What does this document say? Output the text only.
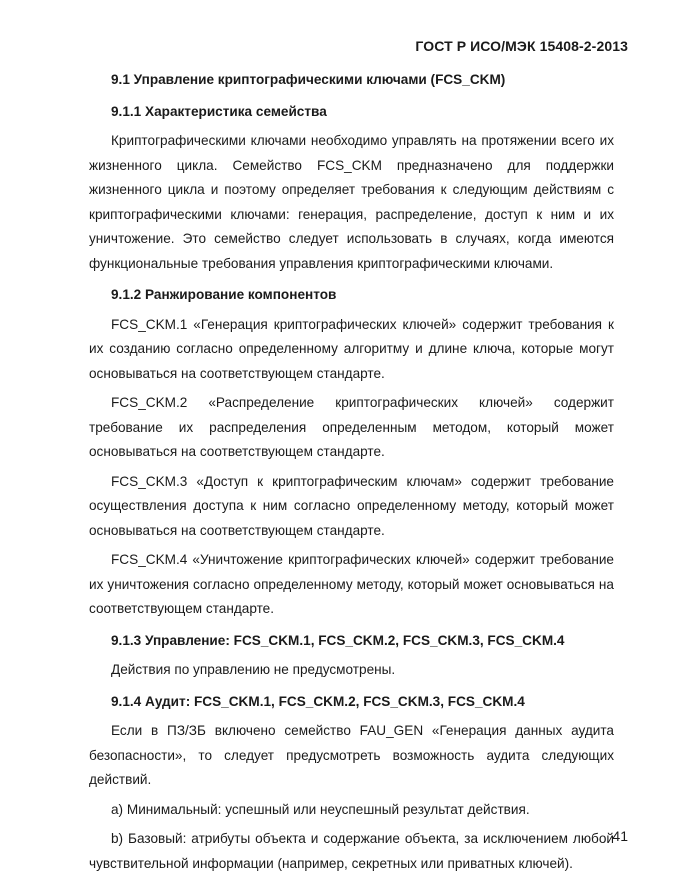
ГОСТ Р ИСО/МЭК 15408-2-2013

9.1 Управление криптографическими ключами (FCS_CKM)

9.1.1 Характеристика семейства

Криптографическими ключами необходимо управлять на протяжении всего их жизненного цикла. Семейство FCS_CKM предназначено для поддержки жизненного цикла и поэтому определяет требования к следующим действиям с криптографическими ключами: генерация, распределение, доступ к ним и их уничтожение. Это семейство следует использовать в случаях, когда имеются функциональные требования управления криптографическими ключами.

9.1.2 Ранжирование компонентов

FCS_CKM.1 «Генерация криптографических ключей» содержит требования к их созданию согласно определенному алгоритму и длине ключа, которые могут основываться на соответствующем стандарте.

FCS_CKM.2 «Распределение криптографических ключей» содержит требование их распределения определенным методом, который может основываться на соответствующем стандарте.

FCS_CKM.3 «Доступ к криптографическим ключам» содержит требование осуществления доступа к ним согласно определенному методу, который может основываться на соответствующем стандарте.

FCS_CKM.4 «Уничтожение криптографических ключей» содержит требование их уничтожения согласно определенному методу, который может основываться на соответствующем стандарте.

9.1.3 Управление: FCS_CKM.1, FCS_CKM.2, FCS_CKM.3, FCS_CKM.4

Действия по управлению не предусмотрены.

9.1.4 Аудит: FCS_CKM.1, FCS_CKM.2, FCS_CKM.3, FCS_CKM.4

Если в ПЗ/ЗБ включено семейство FAU_GEN «Генерация данных аудита безопасности», то следует предусмотреть возможность аудита следующих действий.

a) Минимальный: успешный или неуспешный результат действия.

b) Базовый: атрибуты объекта и содержание объекта, за исключением любой чувствительной информации (например, секретных или приватных ключей).

41
